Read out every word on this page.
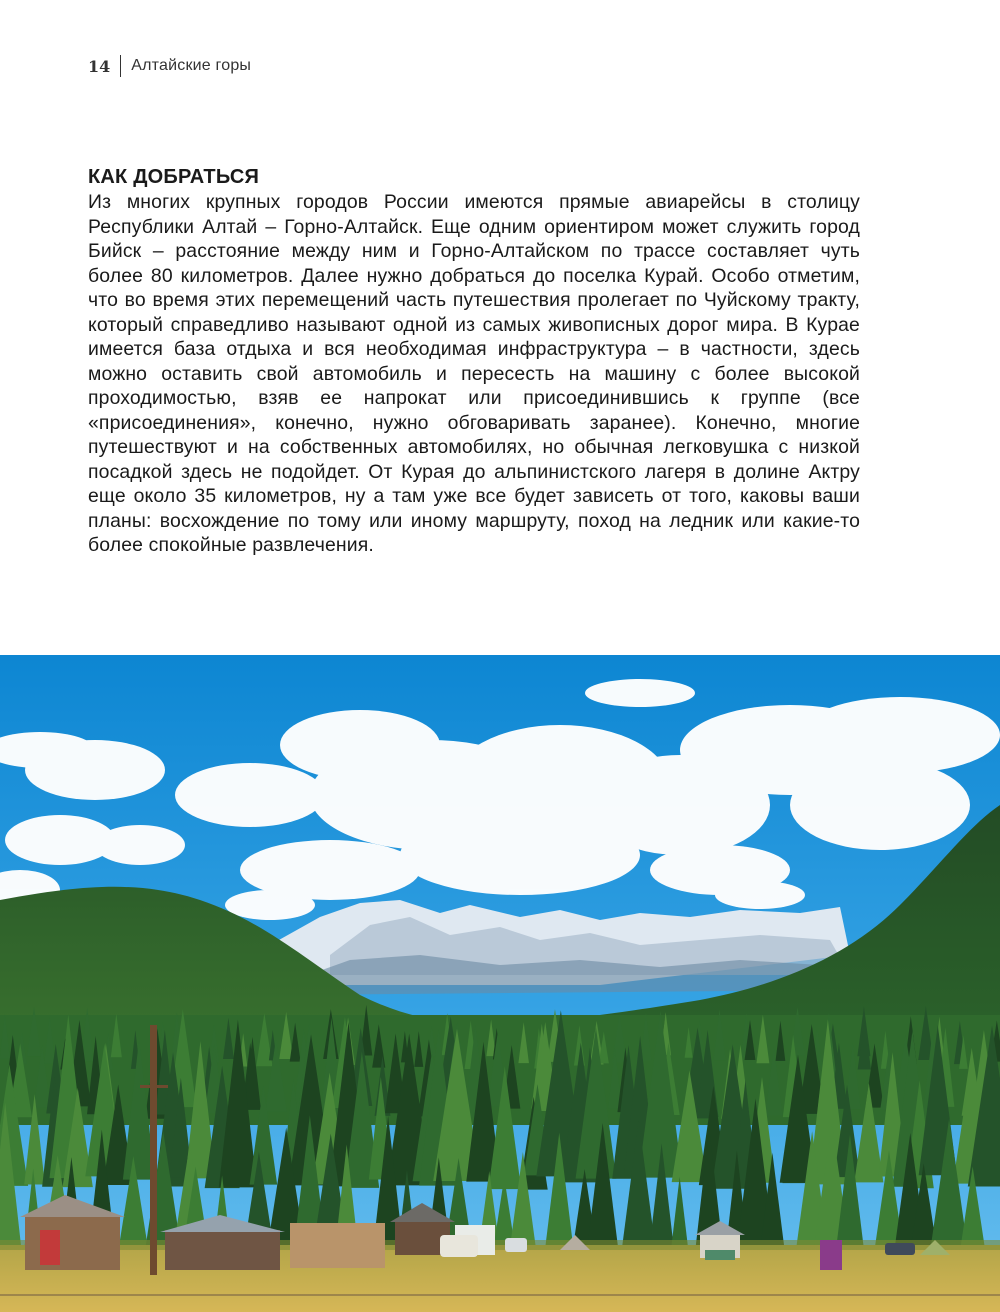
14 Алтайские горы
КАК ДОБРАТЬСЯ

Из многих крупных городов России имеются прямые авиарейсы в столицу Республики Алтай – Горно-Алтайск. Еще одним ориентиром может служить город Бийск – расстояние между ним и Горно-Алтайском по трассе составляет чуть более 80 километров. Далее нужно добраться до поселка Курай. Особо отметим, что во время этих перемещений часть путешествия пролегает по Чуйскому тракту, который справедливо называют одной из самых живописных дорог мира. В Курае имеется база отдыха и вся необходимая инфраструктура – в частности, здесь можно оставить свой автомобиль и пересесть на машину с более высокой проходимостью, взяв ее напрокат или присоединившись к группе (все «присоединения», конечно, нужно обговаривать заранее). Конечно, многие путешествуют и на собственных автомобилях, но обычная легковушка с низкой посадкой здесь не подойдет. От Курая до альпинистского лагеря в долине Актру еще около 35 километров, ну а там уже все будет зависеть от того, каковы ваши планы: восхождение по тому или иному маршруту, поход на ледник или какие-то более спокойные развлечения.
